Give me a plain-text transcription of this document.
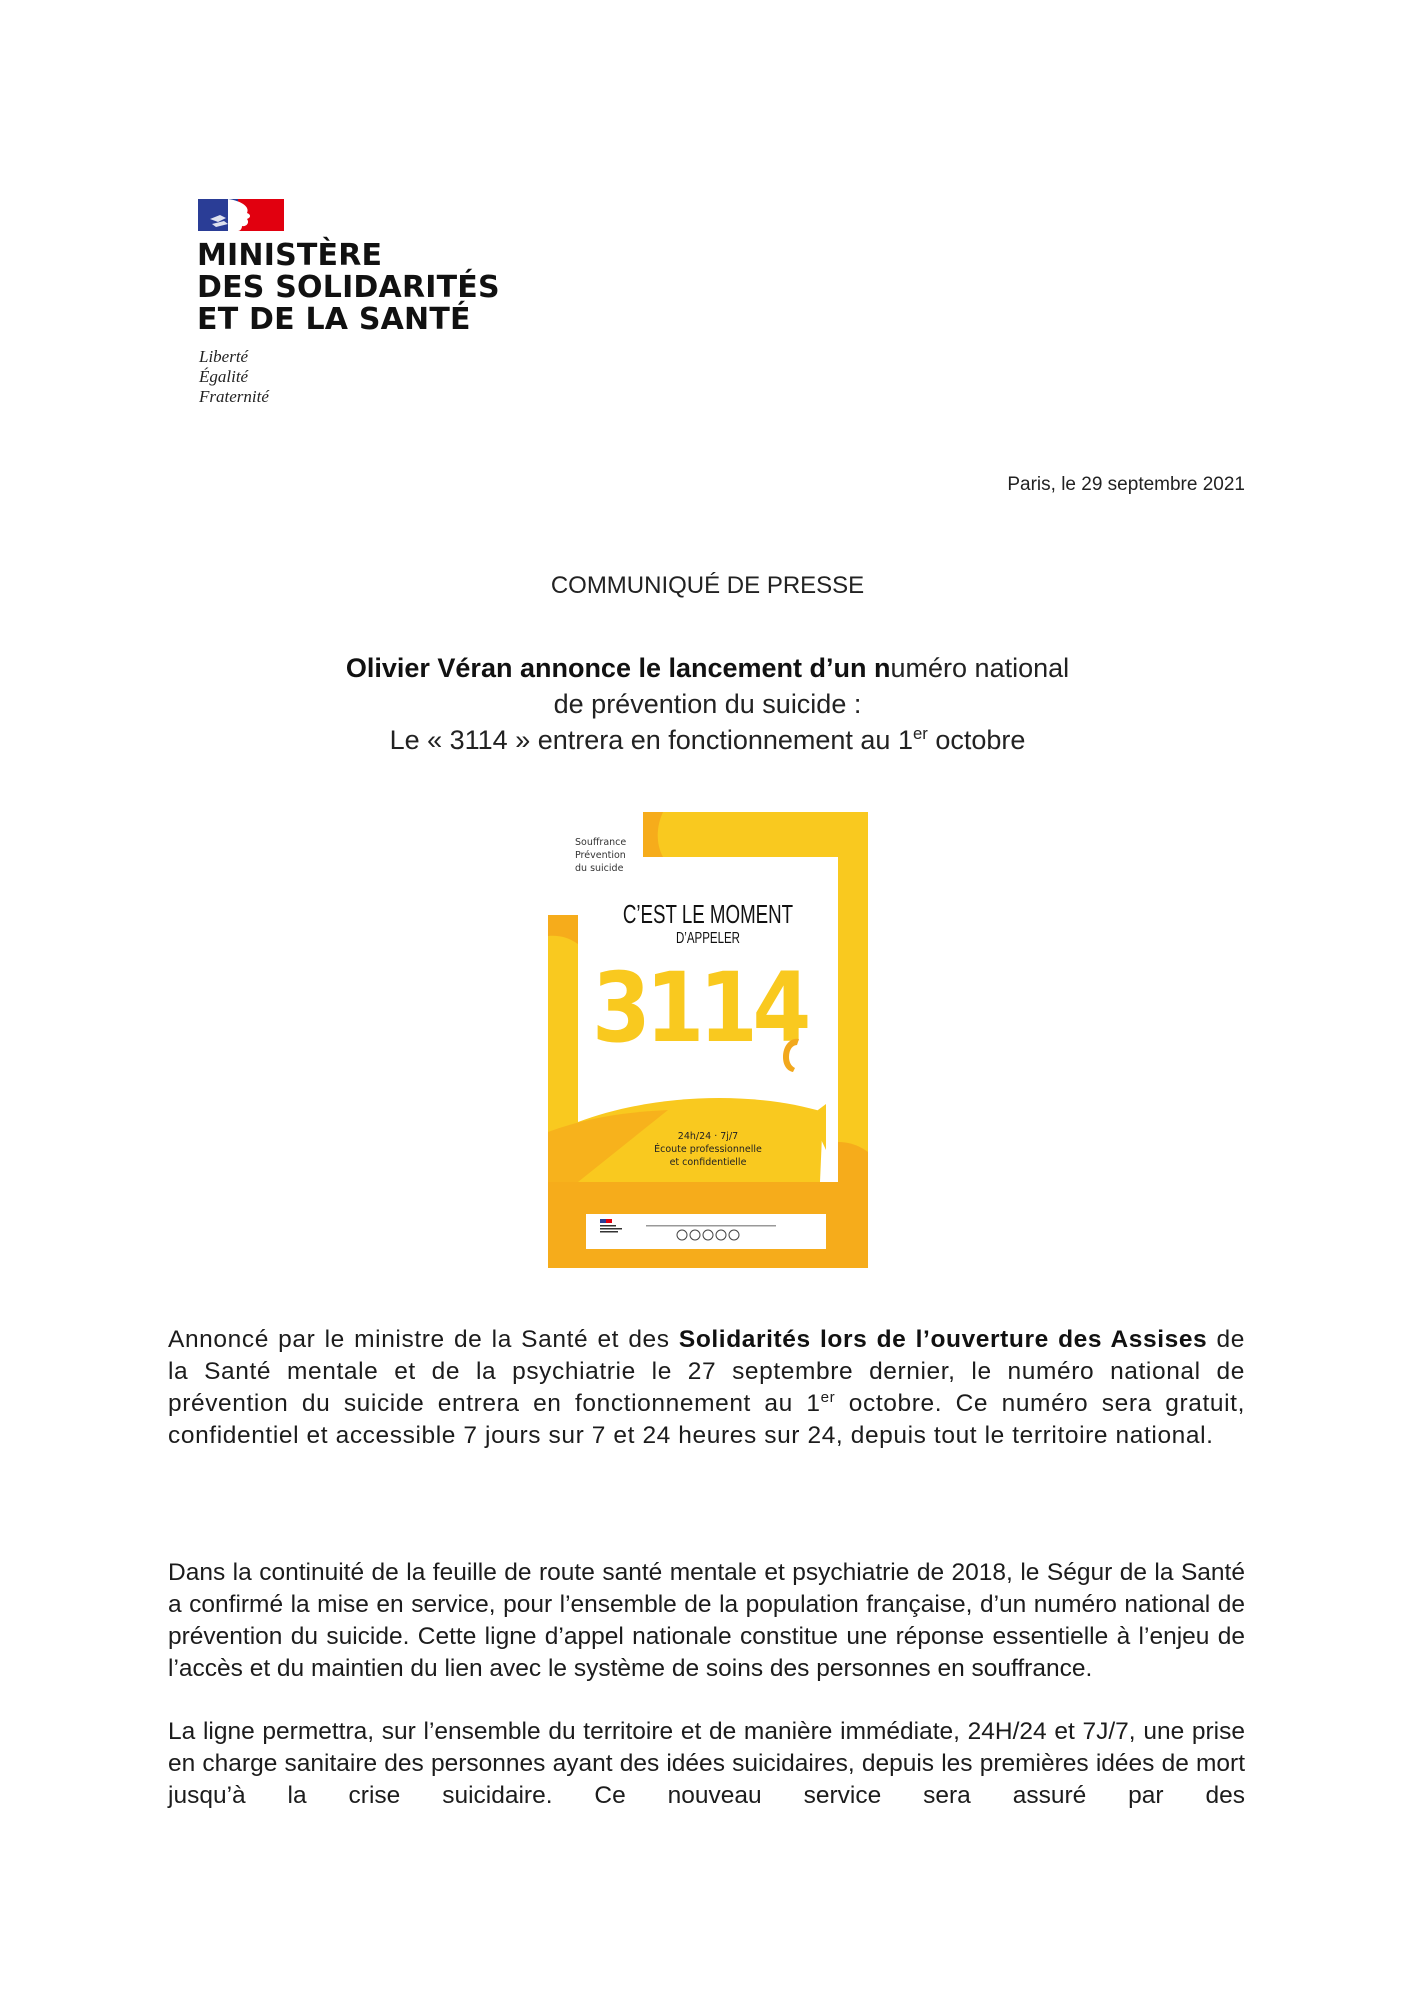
MINISTÈRE
DES SOLIDARITÉS
ET DE LA SANTÉ
Liberté
Égalité
Fraternité
Paris, le 29 septembre 2021
COMMUNIQUÉ DE PRESSE
Olivier Véran annonce le lancement d’un numéro national
de prévention du suicide :
Le « 3114 » entrera en fonctionnement au 1er octobre
Souffrance
Prévention
du suicide
C’EST LE MOMENT
D’APPELER
3114
24h/24 · 7j/7
Écoute professionnelle
et confidentielle
Annoncé par le ministre de la Santé et des Solidarités lors de l’ouverture des Assises de la Santé mentale et de la psychiatrie le 27 septembre dernier, le numéro national de prévention du suicide entrera en fonctionnement au 1er octobre. Ce numéro sera gratuit, confidentiel et accessible 7 jours sur 7 et 24 heures sur 24, depuis tout le territoire national.
Dans la continuité de la feuille de route santé mentale et psychiatrie de 2018, le Ségur de la Santé a confirmé la mise en service, pour l’ensemble de la population française, d’un numéro national de prévention du suicide. Cette ligne d’appel nationale constitue une réponse essentielle à l’enjeu de l’accès et du maintien du lien avec le système de soins des personnes en souffrance.
La ligne permettra, sur l’ensemble du territoire et de manière immédiate, 24H/24 et 7J/7, une prise en charge sanitaire des personnes ayant des idées suicidaires, depuis les premières idées de mort jusqu’à la crise suicidaire. Ce nouveau service sera assuré par des
